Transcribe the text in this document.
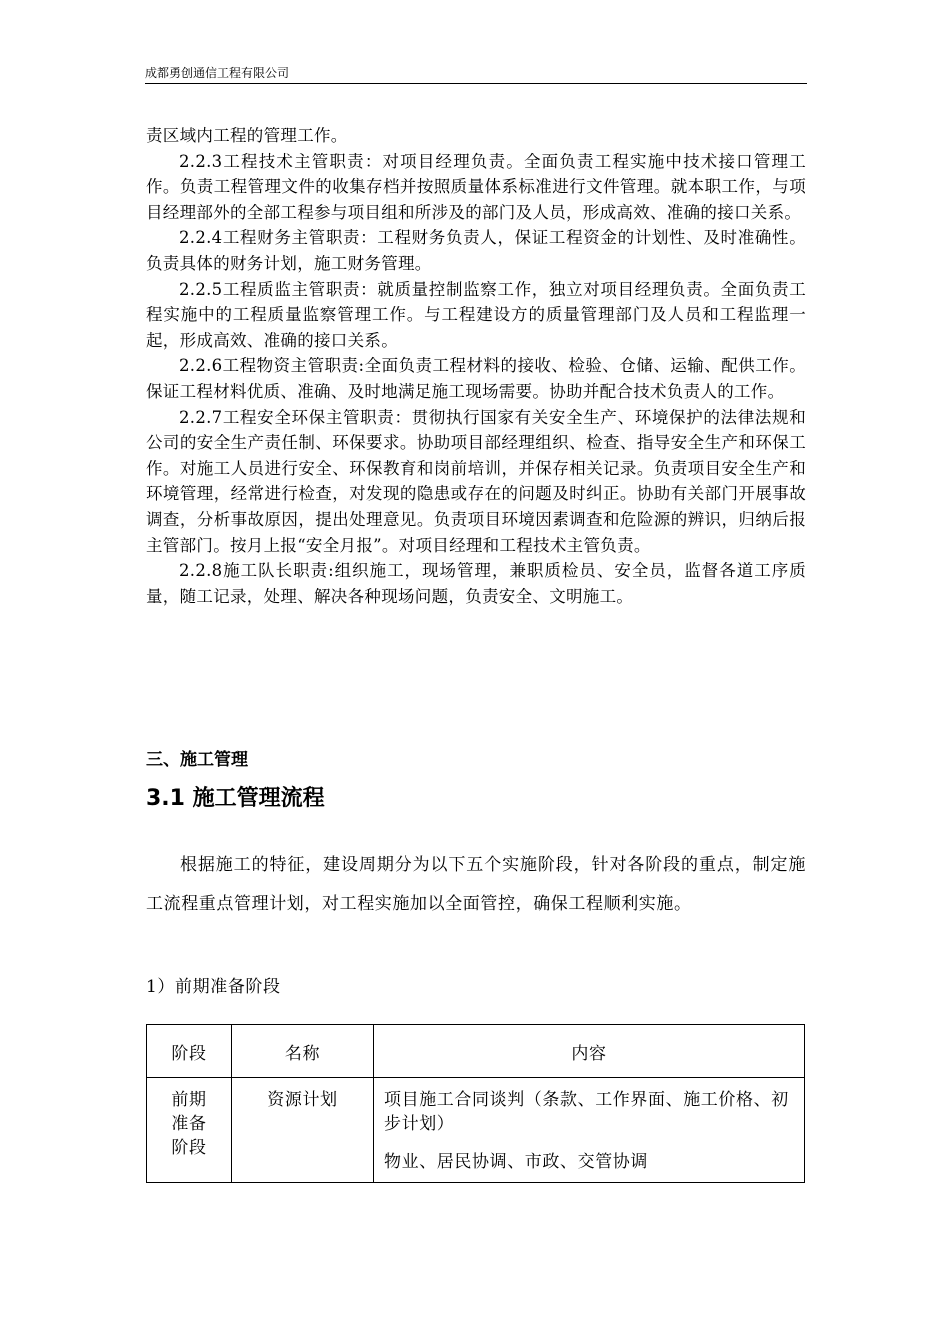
成都勇创通信工程有限公司

责区域内工程的管理工作。

2.2.3工程技术主管职责：对项目经理负责。全面负责工程实施中技术接口管理工作。负责工程管理文件的收集存档并按照质量体系标准进行文件管理。就本职工作，与项目经理部外的全部工程参与项目组和所涉及的部门及人员，形成高效、准确的接口关系。

2.2.4工程财务主管职责：工程财务负责人，保证工程资金的计划性、及时准确性。负责具体的财务计划，施工财务管理。

2.2.5工程质监主管职责：就质量控制监察工作，独立对项目经理负责。全面负责工程实施中的工程质量监察管理工作。与工程建设方的质量管理部门及人员和工程监理一起，形成高效、准确的接口关系。

2.2.6工程物资主管职责:全面负责工程材料的接收、检验、仓储、运输、配供工作。保证工程材料优质、准确、及时地满足施工现场需要。协助并配合技术负责人的工作。

2.2.7工程安全环保主管职责：贯彻执行国家有关安全生产、环境保护的法律法规和公司的安全生产责任制、环保要求。协助项目部经理组织、检查、指导安全生产和环保工作。对施工人员进行安全、环保教育和岗前培训，并保存相关记录。负责项目安全生产和环境管理，经常进行检查，对发现的隐患或存在的问题及时纠正。协助有关部门开展事故调查，分析事故原因，提出处理意见。负责项目环境因素调查和危险源的辨识，归纳后报主管部门。按月上报“安全月报”。对项目经理和工程技术主管负责。

2.2.8施工队长职责:组织施工，现场管理，兼职质检员、安全员，监督各道工序质量，随工记录，处理、解决各种现场问题，负责安全、文明施工。

三、施工管理
3.1 施工管理流程

根据施工的特征，建设周期分为以下五个实施阶段，针对各阶段的重点，制定施工流程重点管理计划，对工程实施加以全面管控，确保工程顺利实施。

1）前期准备阶段
阶段	名称	内容

前期准备阶段	资源计划	项目施工合同谈判（条款、工作界面、施工价格、初步计划）

物业、居民协调、市政、交管协调
